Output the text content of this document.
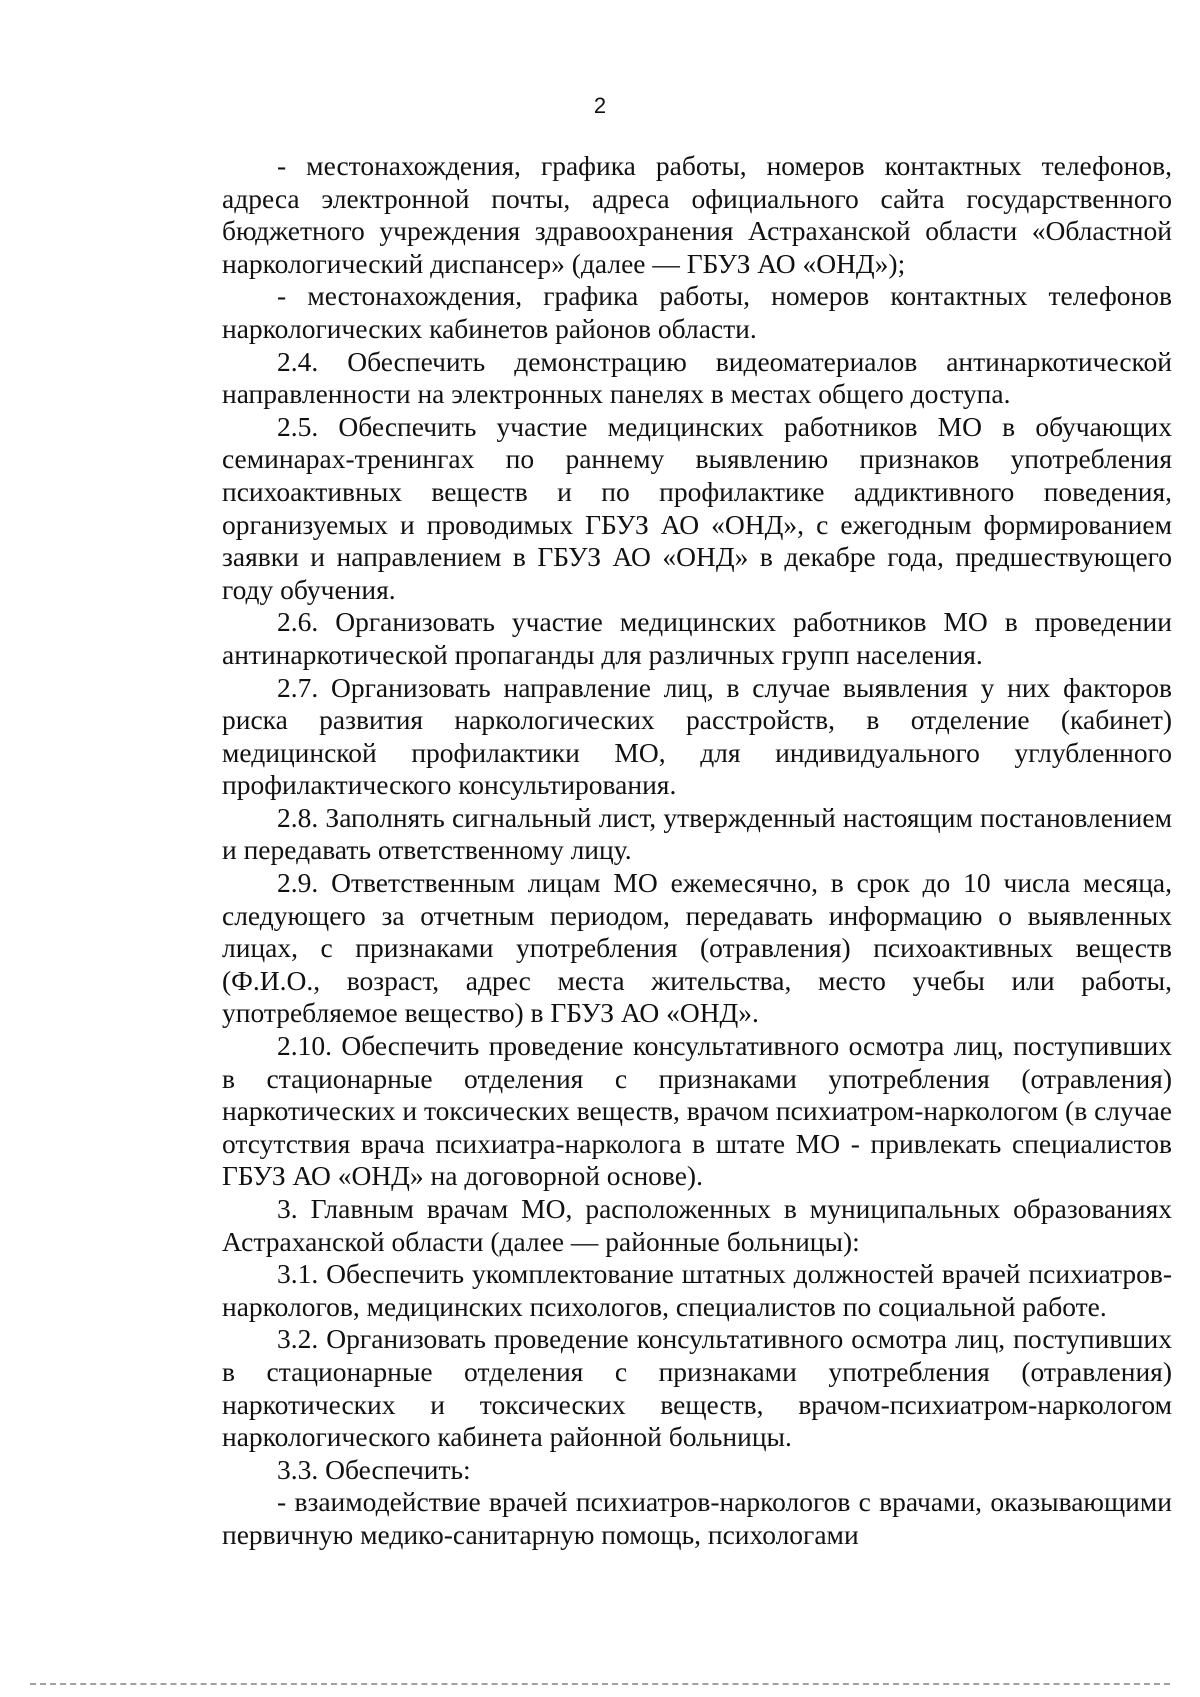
2

- местонахождения, графика работы, номеров контактных телефонов, адреса электронной почты, адреса официального сайта государственного бюджетного учреждения здравоохранения Астраханской области «Областной наркологический диспансер» (далее — ГБУЗ АО «ОНД»);

- местонахождения, графика работы, номеров контактных телефонов наркологических кабинетов районов области.

2.4. Обеспечить демонстрацию видеоматериалов антинаркотической направленности на электронных панелях в местах общего доступа.

2.5. Обеспечить участие медицинских работников МО в обучающих семинарах-тренингах по раннему выявлению признаков употребления психоактивных веществ и по профилактике аддиктивного поведения, организуемых и проводимых ГБУЗ АО «ОНД», с ежегодным формированием заявки и направлением в ГБУЗ АО «ОНД» в декабре года, предшествующего году обучения.

2.6. Организовать участие медицинских работников МО в проведении антинаркотической пропаганды для различных групп населения.

2.7. Организовать направление лиц, в случае выявления у них факторов риска развития наркологических расстройств, в отделение (кабинет) медицинской профилактики МО, для индивидуального углубленного профилактического консультирования.

2.8. Заполнять сигнальный лист, утвержденный настоящим постановлением и передавать ответственному лицу.

2.9. Ответственным лицам МО ежемесячно, в срок до 10 числа месяца, следующего за отчетным периодом, передавать информацию о выявленных лицах, с признаками употребления (отравления) психоактивных веществ (Ф.И.О., возраст, адрес места жительства, место учебы или работы, употребляемое вещество) в ГБУЗ АО «ОНД».

2.10. Обеспечить проведение консультативного осмотра лиц, поступивших в стационарные отделения с признаками употребления (отравления) наркотических и токсических веществ, врачом психиатром-наркологом (в случае отсутствия врача психиатра-нарколога в штате МО - привлекать специалистов ГБУЗ АО «ОНД» на договорной основе).

3. Главным врачам МО, расположенных в муниципальных образованиях Астраханской области (далее — районные больницы):

3.1. Обеспечить укомплектование штатных должностей врачей психиатров-наркологов, медицинских психологов, специалистов по социальной работе.

3.2. Организовать проведение консультативного осмотра лиц, поступивших в стационарные отделения с признаками употребления (отравления) наркотических и токсических веществ, врачом-психиатром-наркологом наркологического кабинета районной больницы.

3.3. Обеспечить:

- взаимодействие врачей психиатров-наркологов с врачами, оказывающими первичную медико-санитарную помощь, психологами
